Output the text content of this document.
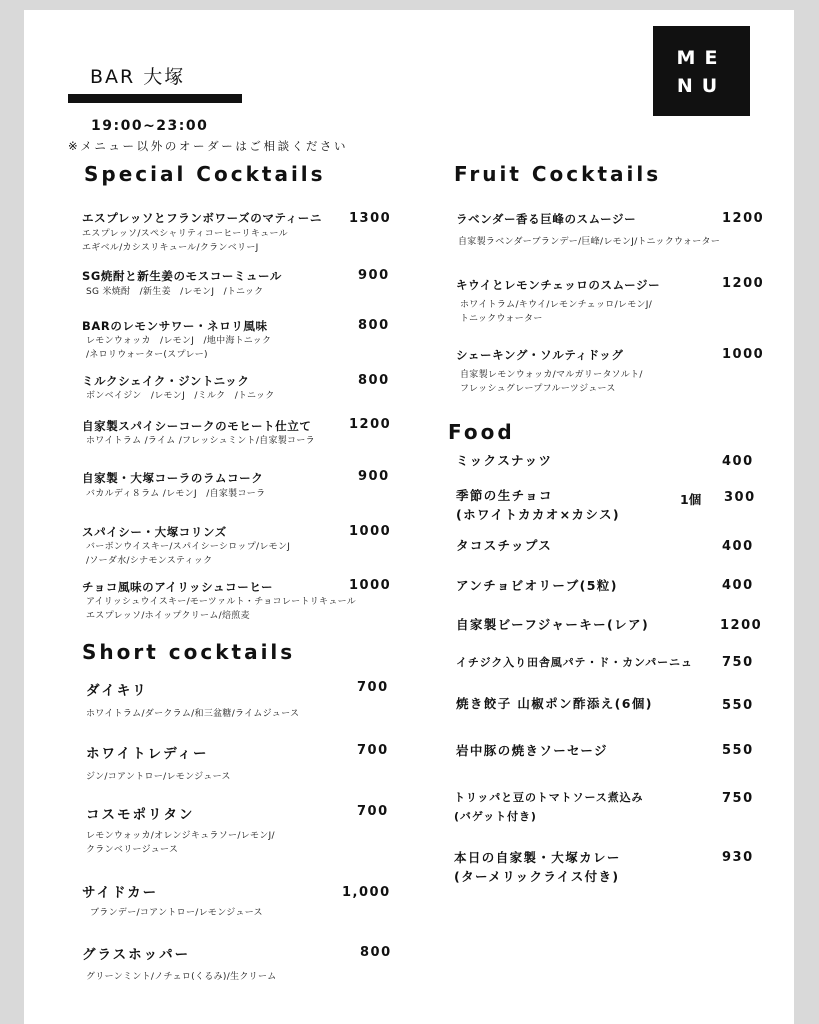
BAR 大塚
ME
NU
19:00~23:00
※メニュー以外のオーダーはご相談ください
Special Cocktails
エスプレッソとフランボワーズのマティーニ 1300
エスプレッソ/スペシャリティコーヒーリキュール
エギベル/カシスリキュール/クランベリーJ
SG焼酎と新生姜のモスコーミュール	900
SG 米焼酎　/新生姜　/レモンJ　/トニック
BARのレモンサワー・ネロリ風味	800
レモンウォッカ　/レモンJ　/地中海トニック
/ネロリウォーター(スプレー)
ミルクシェイク・ジントニック	800
ボンベイジン　/レモンJ　/ミルク　/トニック
自家製スパイシーコークのモヒート仕立て	1200
ホワイトラム /ライム /フレッシュミント/自家製コーラ
自家製・大塚コーラのラムコーク	900
バカルディ８ラム /レモンJ　/自家製コーラ
スパイシー・大塚コリンズ	1000
バーボンウイスキー/スパイシーシロップ/レモンJ
/ソーダ水/シナモンスティック
チョコ風味のアイリッシュコーヒー	1000
アイリッシュウイスキー/モーツァルト・チョコレートリキュール
エスプレッソ/ホイップクリーム/焙煎麦
Short cocktails
ダイキリ	700
ホワイトラム/ダークラム/和三盆糖/ライムジュース
ホワイトレディー	700
ジン/コアントロー/レモンジュース
コスモポリタン	700
レモンウォッカ/オレンジキュラソー/レモンJ/
クランベリージュース
サイドカー	1,000
ブランデー/コアントロー/レモンジュース
グラスホッパー	800
グリーンミント/ノチェロ(くるみ)/生クリーム
Fruit Cocktails
ラベンダー香る巨峰のスムージー	1200
自家製ラベンダーブランデー/巨峰/レモンJ/トニックウォーター
キウイとレモンチェッロのスムージー	1200
ホワイトラム/キウイ/レモンチェッロ/レモンJ/
トニックウォーター
シェーキング・ソルティドッグ	1000
自家製レモンウォッカ/マルガリータソルト/
フレッシュグレープフルーツジュース
Food
ミックスナッツ	400
季節の生チョコ
(ホワイトカカオ×カシス)
1個 300
タコスチップス	400
アンチョビオリーブ(5粒)	400
自家製ビーフジャーキー(レア)	1200
イチジク入り田舎風パテ・ド・カンパーニュ 750
焼き餃子 山椒ポン酢添え(6個)	550
岩中豚の焼きソーセージ	550
トリッパと豆のトマトソース煮込み
(バゲット付き)
750
本日の自家製・大塚カレー
(ターメリックライス付き)
930
